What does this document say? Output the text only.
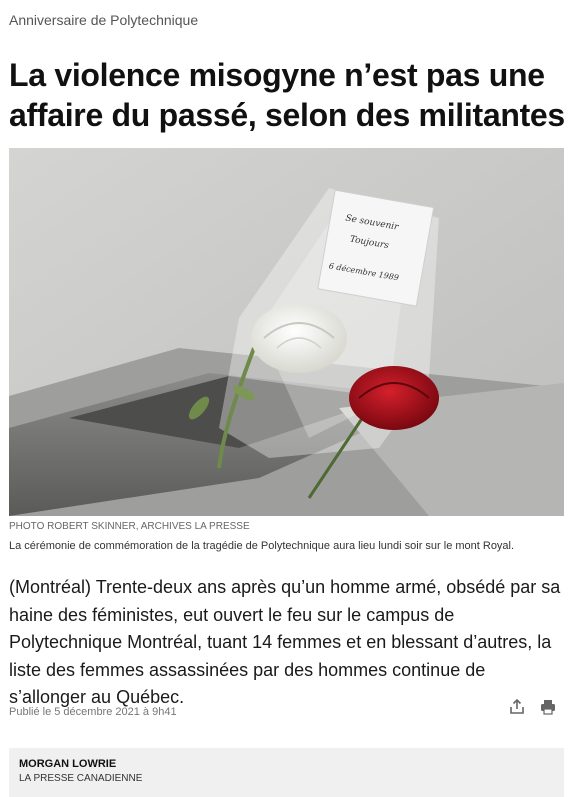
Anniversaire de Polytechnique
La violence misogyne n’est pas une affaire du passé, selon des militantes
Se souvenir
Toujours
6 décembre 1989
PHOTO ROBERT SKINNER, ARCHIVES LA PRESSE
La cérémonie de commémoration de la tragédie de Polytechnique aura lieu lundi soir sur le mont Royal.

(Montréal) Trente-deux ans après qu’un homme armé, obsédé par sa haine des féministes, eut ouvert le feu sur le campus de Polytechnique Montréal, tuant 14 femmes et en blessant d’autres, la liste des femmes assassinées par des hommes continue de s’allonger au Québec.

Publié le 5 décembre 2021 à 9h41
MORGAN LOWRIE
LA PRESSE CANADIENNE
